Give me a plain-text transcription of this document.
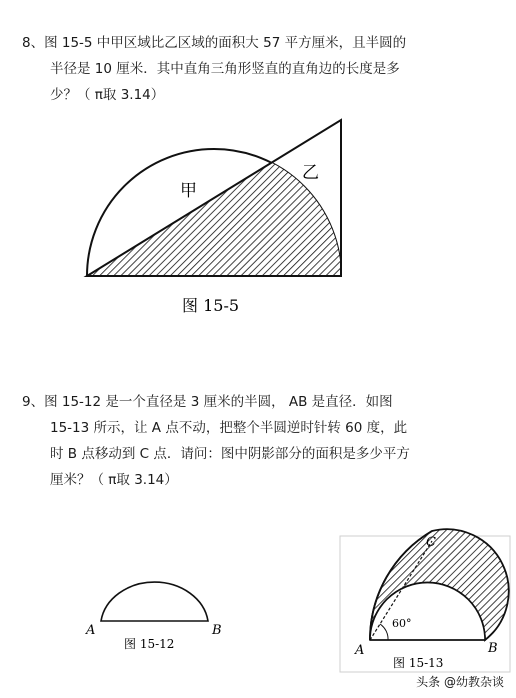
8、图 15-5 中甲区域比乙区域的面积大 57 平方厘米，且半圆的
半径是 10 厘米．其中直角三角形竖直的直角边的长度是多
少？（ π取 3.14）
甲
乙
图 15-5
A	B
图 15-12
60°
C
A	B
图 15-13
9、图 15-12 是一个直径是 3 厘米的半圆， AB 是直径．如图
15-13 所示，让 A 点不动，把整个半圆逆时针转 60 度，此
时 B 点移动到 C 点．请问：图中阴影部分的面积是多少平方
厘米？（ π取 3.14）
头条 @幼教杂谈
